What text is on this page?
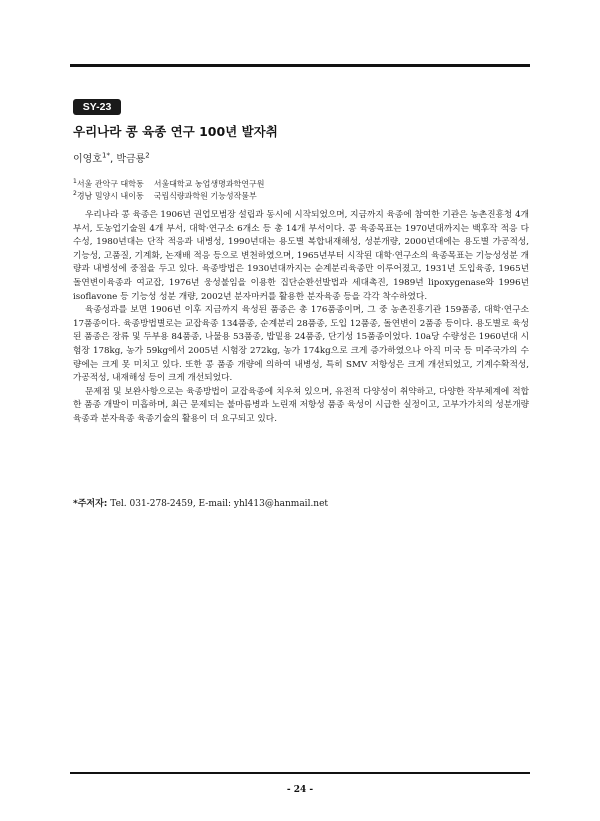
SY-23
우리나라 콩 육종 연구 100년 발자취
이영호$^{1*}$, 박금룡$^2$
$^1$서울 관악구 대학동 서울대학교 농업생명과학연구원
$^2$경남 밀양시 내이동 국립식량과학원 기능성작물부

우리나라 콩 육종은 1906년 권업모범장 설립과 동시에 시작되었으며, 지금까지 육종에 참여한 기관은 농촌진흥청 4개 부서, 도농업기술원 4개 부서, 대학·연구소 6개소 등 총 14개 부서이다. 콩 육종목표는 1970년대까지는 백후작 적응 다수성, 1980년대는 단작 적응과 내병성, 1990년대는 용도별 복합내재해성, 성분개량, 2000년대에는 용도별 가공적성, 기능성, 고품질, 기계화, 논재배 적응 등으로 변천하였으며, 1965년부터 시작된 대학·연구소의 육종목표는 기능성성분 개량과 내병성에 중점을 두고 있다. 육종방법은 1930년대까지는 순계분리육종만 이루어졌고, 1931년 도입육종, 1965년 돌연변이육종과 여교잡, 1976년 웅성불임을 이용한 집단순환선발법과 세대촉진, 1989년 lipoxygenase와 1996년 isoflavone 등 기능성 성분 개량, 2002년 분자마커를 활용한 분자육종 등을 각각 착수하였다.

육종성과를 보면 1906년 이후 지금까지 육성된 품종은 총 176품종이며, 그 중 농촌진흥기관 159품종, 대학·연구소 17품종이다. 육종방법별로는 교잡육종 134품종, 순계분리 28품종, 도입 12품종, 돌연변이 2품종 등이다. 용도별로 육성된 품종은 장류 및 두부용 84품종, 나물용 53품종, 밥밑용 24품종, 단기성 15품종이었다. 10a당 수량성은 1960년대 시험장 178kg, 농가 59kg에서 2005년 시험장 272kg, 농가 174kg으로 크게 증가하였으나 아직 미국 등 미주국가의 수량에는 크게 못 미치고 있다. 또한 콩 품종 개량에 의하여 내병성, 특히 SMV 저항성은 크게 개선되었고, 기계수확적성, 가공적성, 내재해성 등이 크게 개선되었다.

문제점 및 보완사항으로는 육종방법이 교잡육종에 치우쳐 있으며, 유전적 다양성이 취약하고, 다양한 작부체계에 적합한 품종 개발이 미흡하며, 최근 문제되는 불마름병과 노린재 저항성 품종 육성이 시급한 실정이고, 고부가가치의 성분개량육종과 분자육종 육종기술의 활용이 더 요구되고 있다.

*주저자: Tel. 031-278-2459, E-mail: yhl413@hanmail.net
- 24 -
